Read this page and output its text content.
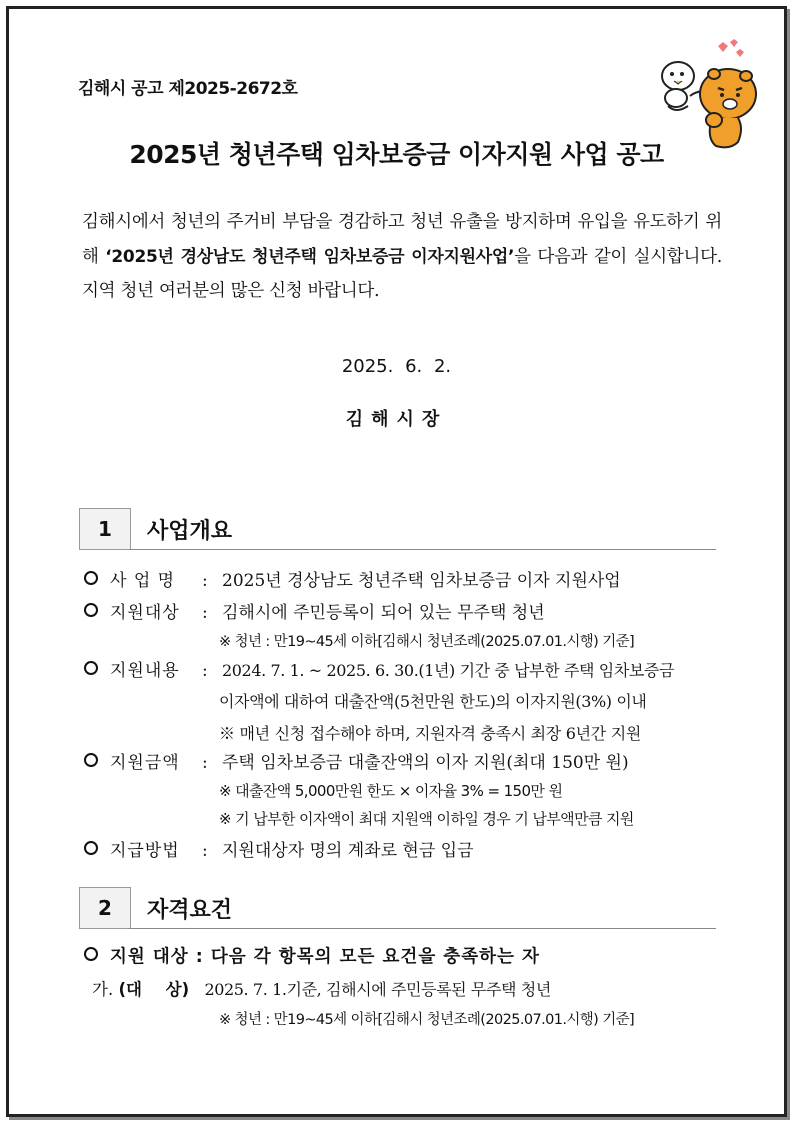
김해시 공고 제2025-2672호
2025년 청년주택 임차보증금 이자지원 사업 공고
김해시에서 청년의 주거비 부담을 경감하고 청년 유출을 방지하며 유입을 유도하기 위해 ‘2025년 경상남도 청년주택 임차보증금 이자지원사업’을 다음과 같이 실시합니다. 지역 청년 여러분의 많은 신청 바랍니다.
2025. 6. 2.
김해시장
1	사업개요
사 업 명 : 2025년 경상남도 청년주택 임차보증금 이자 지원사업
지원대상 : 김해시에 주민등록이 되어 있는 무주택 청년
※ 청년 : 만19~45세 이하[김해시 청년조례(2025.07.01.시행) 기준]
지원내용 : 2024. 7. 1. ~ 2025. 6. 30.(1년) 기간 중 납부한 주택 임차보증금
이자액에 대하여 대출잔액(5천만원 한도)의 이자지원(3%) 이내
※ 매년 신청 접수해야 하며, 지원자격 충족시 최장 6년간 지원
지원금액 : 주택 임차보증금 대출잔액의 이자 지원(최대 150만 원)
※ 대출잔액 5,000만원 한도 × 이자율 3% = 150만 원
※ 기 납부한 이자액이 최대 지원액 이하일 경우 기 납부액만큼 지원
지급방법 : 지원대상자 명의 계좌로 현금 입금
2	자격요건
지원 대상 : 다음 각 항목의 모든 요건을 충족하는 자
가. (대 상) 2025. 7. 1.기준, 김해시에 주민등록된 무주택 청년
※ 청년 : 만19~45세 이하[김해시 청년조례(2025.07.01.시행) 기준]
